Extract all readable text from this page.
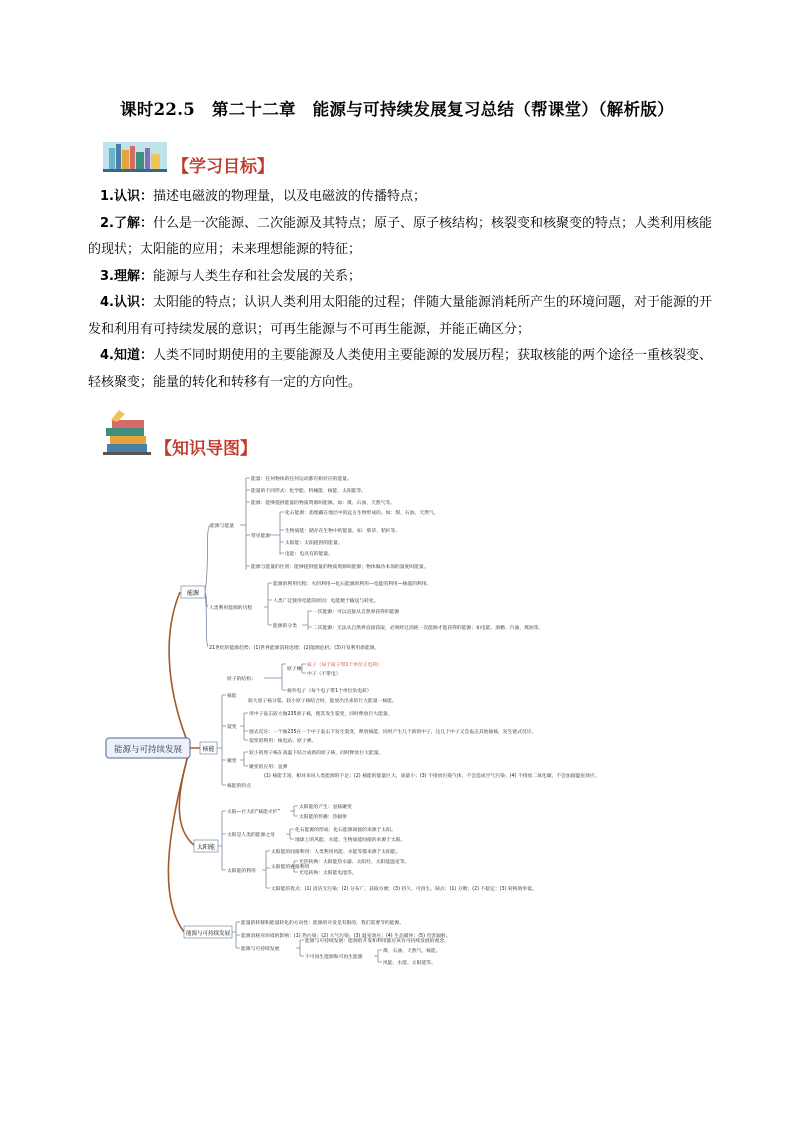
课时22.5　第二十二章　能源与可持续发展复习总结（帮课堂）（解析版）
【学习目标】

1.认识：描述电磁波的物理量，以及电磁波的传播特点；

2.了解：什么是一次能源、二次能源及其特点；原子、原子核结构；核裂变和核聚变的特点；人类利用核能的现状；太阳能的应用；未来理想能源的特征；

3.理解：能源与人类生存和社会发展的关系；

4.认识：太阳能的特点；认识人类利用太阳能的过程；伴随大量能源消耗所产生的环境问题，对于能源的开发和利用有可持续发展的意识；可再生能源与不可再生能源，并能正确区分；

4.知道：人类不同时期使用的主要能源及人类使用主要能源的发展历程；获取核能的两个途径一重核裂变、轻核聚变；能量的转化和转移有一定的方向性。

【知识导图】
能源与可持续发展
能源
核能
太阳能
能源与可持续发展
能源与能量
能量：任何物体的任何运动都有相对应的能量。
能量的不同形式：化学能、机械能、核能、太阳能等。
能源：能够提供能量的物质资源叫能源。如：煤、石油、天然气等。
常见能源
化石能源：指埋藏在地层中的远古生物形成的。如：煤、石油、天然气。
生物质能：储存在生物中的能量。如：柴草、秸秆等。
太阳能：太阳提供的能量。
电能：电具有的能量。
能源与能量的区别：能够提供能量的物质资源叫能源；物体做功本领的量度叫能量。
人类利用能源的历程
能源的利用历程：火的利用—化石能源的利用—电能的利用—核能的利用。
人类广泛使用电能的原因：电能便于输送与转化。
能源的分类
一次能源：可以直接从自然界获得的能源
二次能源：无法从自然界直接获取，必须经过消耗一次能源才能获得的能源；如电能、酒精、汽油、煤油等。
21世纪的能源趋势：(1)世界能源消耗迅增；(2)能源危机；(3)开发利用新能源。
原子的结构：
原子核
质子（每个质子带1个单位正电荷）
中子（不带电）
核外电子（每个电子带1个单位负电荷）
核能
较大原子核分裂、较小原子核结合时，能放出出来的巨大能量一核能。
裂变
用中子轰击较大铀235原子核，使其发生裂变，同时释放巨大能量。
链式反应：一个铀235在一个中子轰击下发生裂变，释放核能，同时产生几个新的中子，这几个中子又会轰击其他铀核，发生链式反应。
裂变的利用：核电站、原子弹。
聚变
较小的原子核在高温下结合成新的原子核，同时释放巨大能量。
聚变的应用：氢弹
核能的特点
(1) 核能丰富，相对来说人类能源的不足；(2) 核能的能量巨大，质量小；(3) 不排放污染气体，不会造成空气污染；(4) 不排放二氧化碳，不会加剧温室效应。
太阳—巨大的“核能火炉”
太阳能的产生：氢核聚变
太阳能的传播：热辐射
太阳是人类的能源之母
化石能源的形成：化石能源间接的来源于太阳。
地球上的风能、水能、生物质能间接的来源于太阳。
太阳能的利用
太阳能的间接利用：人类利用风能、水能等都来源于太阳能。
太阳能的直接利用
光热转换：太阳能热水器、太阳灶、太阳能温室等。
光电转换：太阳能电池等。
太阳能的优点：(1) 清洁无污染；(2) 分布广，获取方便；(3) 持久、可再生。缺点：(1) 分散；(2) 不稳定；(3) 转换效率低。
能量的转移和能量转化的方向性：能源的开发是有限的，我们需要节约能源。
能源消耗对环境的影响：(1) 热污染；(2) 大气污染；(3) 温室效应；(4) 生态破坏；(5) 有害辐射。
能源与可持续发展
能源与可持续发展：能源的开发和利用都应该有可持续发展的观念。
不可再生能源和可再生能源
煤、石油、天然气、核能。
风能、水能、太阳能等。
